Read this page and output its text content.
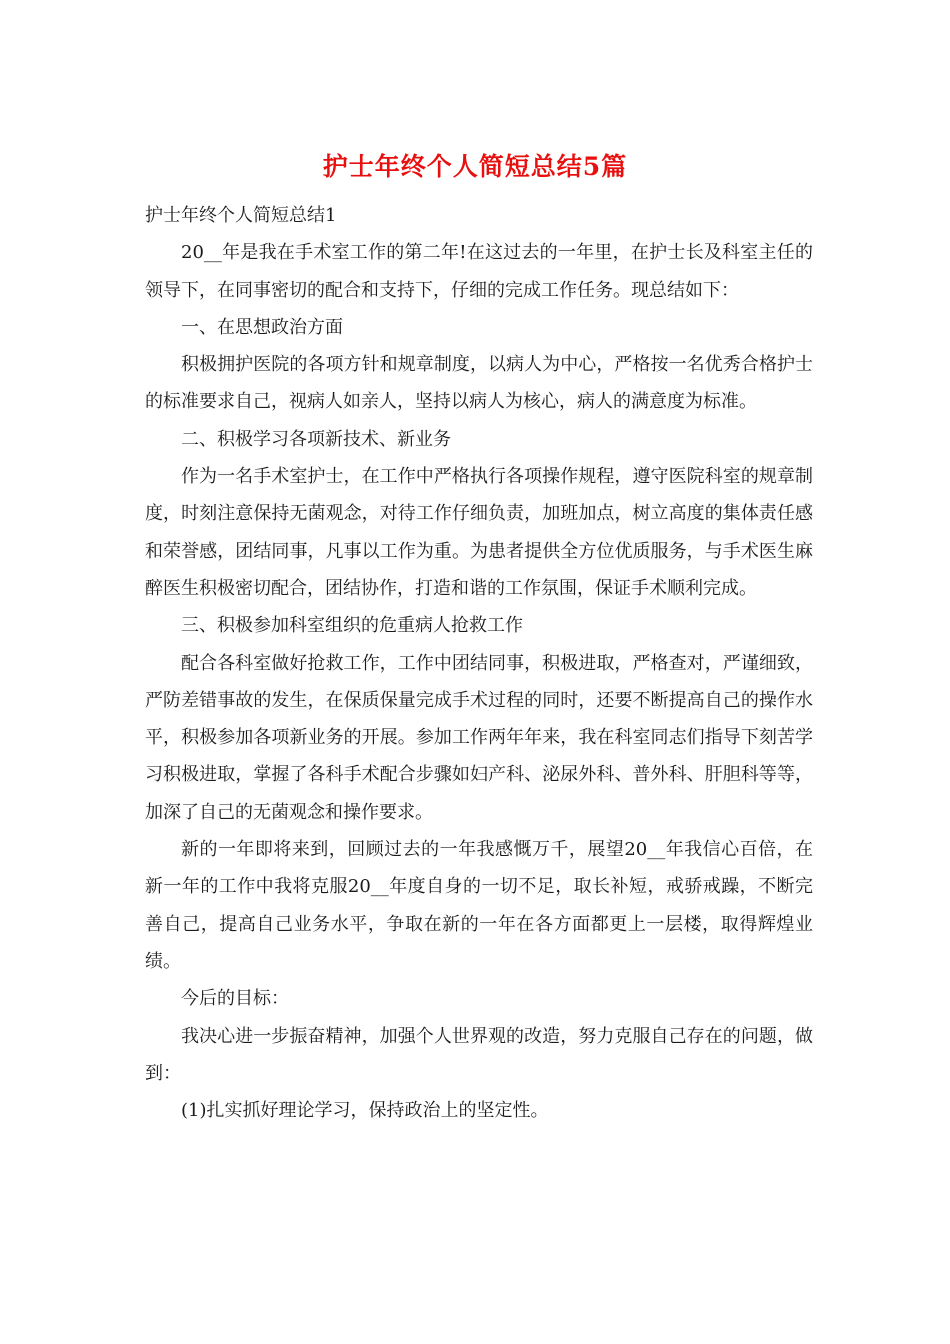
护士年终个人简短总结5篇

护士年终个人简短总结1

20__年是我在手术室工作的第二年!在这过去的一年里，在护士长及科室主任的领导下，在同事密切的配合和支持下，仔细的完成工作任务。现总结如下：

一、在思想政治方面

积极拥护医院的各项方针和规章制度，以病人为中心，严格按一名优秀合格护士的标准要求自己，视病人如亲人，坚持以病人为核心，病人的满意度为标准。

二、积极学习各项新技术、新业务

作为一名手术室护士，在工作中严格执行各项操作规程，遵守医院科室的规章制度，时刻注意保持无菌观念，对待工作仔细负责，加班加点，树立高度的集体责任感和荣誉感，团结同事，凡事以工作为重。为患者提供全方位优质服务，与手术医生麻醉医生积极密切配合，团结协作，打造和谐的工作氛围，保证手术顺利完成。

三、积极参加科室组织的危重病人抢救工作

配合各科室做好抢救工作，工作中团结同事，积极进取，严格查对，严谨细致，严防差错事故的发生，在保质保量完成手术过程的同时，还要不断提高自己的操作水平，积极参加各项新业务的开展。参加工作两年年来，我在科室同志们指导下刻苦学习积极进取，掌握了各科手术配合步骤如妇产科、泌尿外科、普外科、肝胆科等等，加深了自己的无菌观念和操作要求。

新的一年即将来到，回顾过去的一年我感慨万千，展望20__年我信心百倍，在新一年的工作中我将克服20__年度自身的一切不足，取长补短，戒骄戒躁，不断完善自己，提高自己业务水平，争取在新的一年在各方面都更上一层楼，取得辉煌业绩。

今后的目标：

我决心进一步振奋精神，加强个人世界观的改造，努力克服自己存在的问题，做到：

(1)扎实抓好理论学习，保持政治上的坚定性。
